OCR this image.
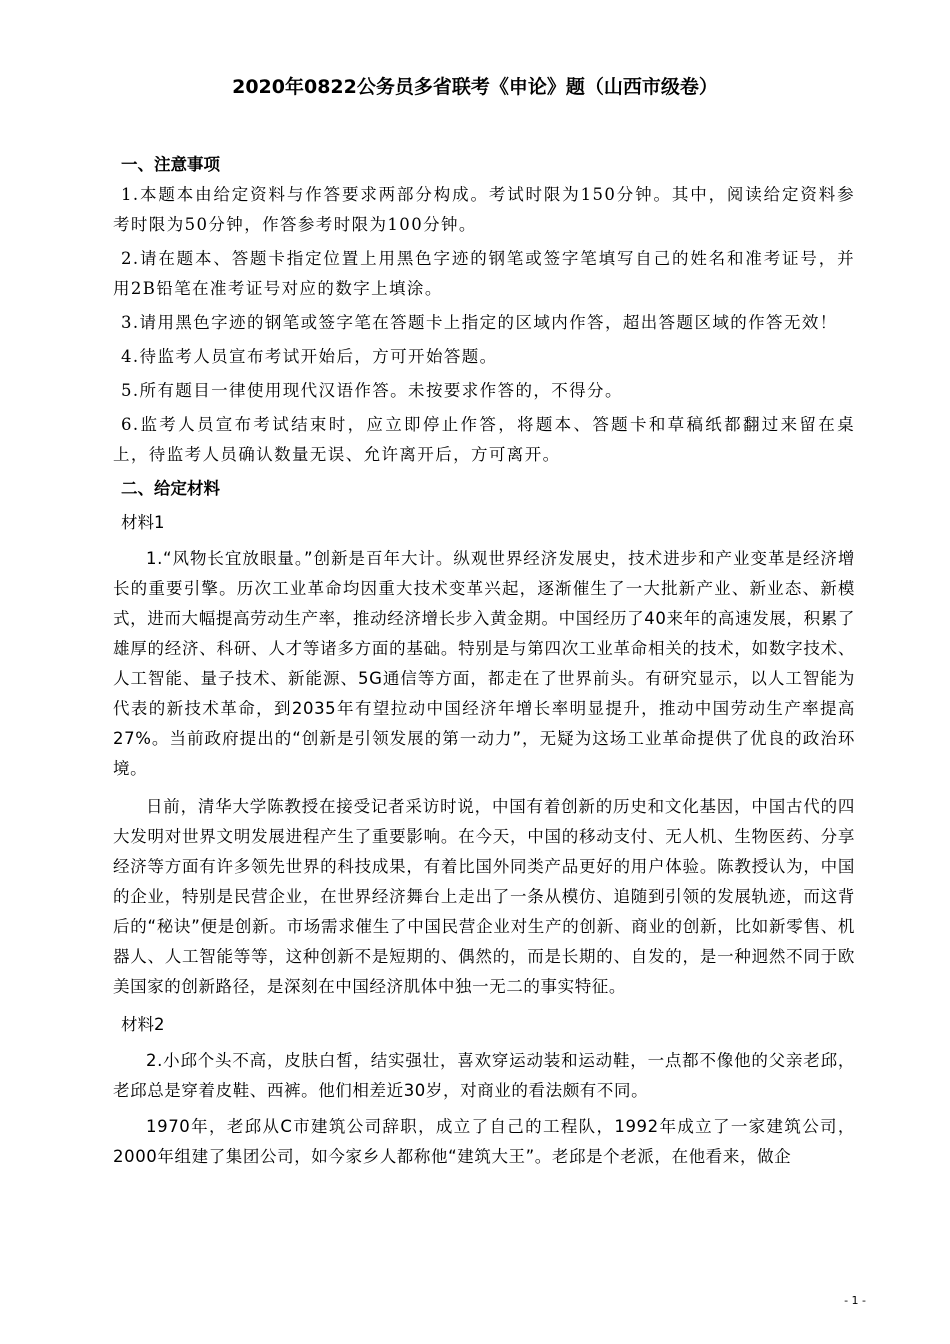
2020年0822公务员多省联考《申论》题（山西市级卷）
一、注意事项

1.本题本由给定资料与作答要求两部分构成。考试时限为150分钟。其中，阅读给定资料参考时限为50分钟，作答参考时限为100分钟。

2.请在题本、答题卡指定位置上用黑色字迹的钢笔或签字笔填写自己的姓名和准考证号，并用2B铅笔在准考证号对应的数字上填涂。

3.请用黑色字迹的钢笔或签字笔在答题卡上指定的区域内作答，超出答题区域的作答无效！

4.待监考人员宣布考试开始后，方可开始答题。

5.所有题目一律使用现代汉语作答。未按要求作答的，不得分。

6.监考人员宣布考试结束时，应立即停止作答，将题本、答题卡和草稿纸都翻过来留在桌上，待监考人员确认数量无误、允许离开后，方可离开。

二、给定材料
材料1

1.“风物长宜放眼量。”创新是百年大计。纵观世界经济发展史，技术进步和产业变革是经济增长的重要引擎。历次工业革命均因重大技术变革兴起，逐渐催生了一大批新产业、新业态、新模式，进而大幅提高劳动生产率，推动经济增长步入黄金期。中国经历了40来年的高速发展，积累了雄厚的经济、科研、人才等诸多方面的基础。特别是与第四次工业革命相关的技术，如数字技术、人工智能、量子技术、新能源、5G通信等方面，都走在了世界前头。有研究显示，以人工智能为代表的新技术革命，到2035年有望拉动中国经济年增长率明显提升，推动中国劳动生产率提高27%。当前政府提出的“创新是引领发展的第一动力”，无疑为这场工业革命提供了优良的政治环境。

日前，清华大学陈教授在接受记者采访时说，中国有着创新的历史和文化基因，中国古代的四大发明对世界文明发展进程产生了重要影响。在今天，中国的移动支付、无人机、生物医药、分享经济等方面有许多领先世界的科技成果，有着比国外同类产品更好的用户体验。陈教授认为，中国的企业，特别是民营企业，在世界经济舞台上走出了一条从模仿、追随到引领的发展轨迹，而这背后的“秘诀”便是创新。市场需求催生了中国民营企业对生产的创新、商业的创新，比如新零售、机器人、人工智能等等，这种创新不是短期的、偶然的，而是长期的、自发的，是一种迥然不同于欧美国家的创新路径，是深刻在中国经济肌体中独一无二的事实特征。

材料2

2.小邱个头不高，皮肤白皙，结实强壮，喜欢穿运动装和运动鞋，一点都不像他的父亲老邱，老邱总是穿着皮鞋、西裤。他们相差近30岁，对商业的看法颇有不同。

1970年，老邱从C市建筑公司辞职，成立了自己的工程队，1992年成立了一家建筑公司，2000年组建了集团公司，如今家乡人都称他“建筑大王”。老邱是个老派，在他看来，做企

- 1 -
